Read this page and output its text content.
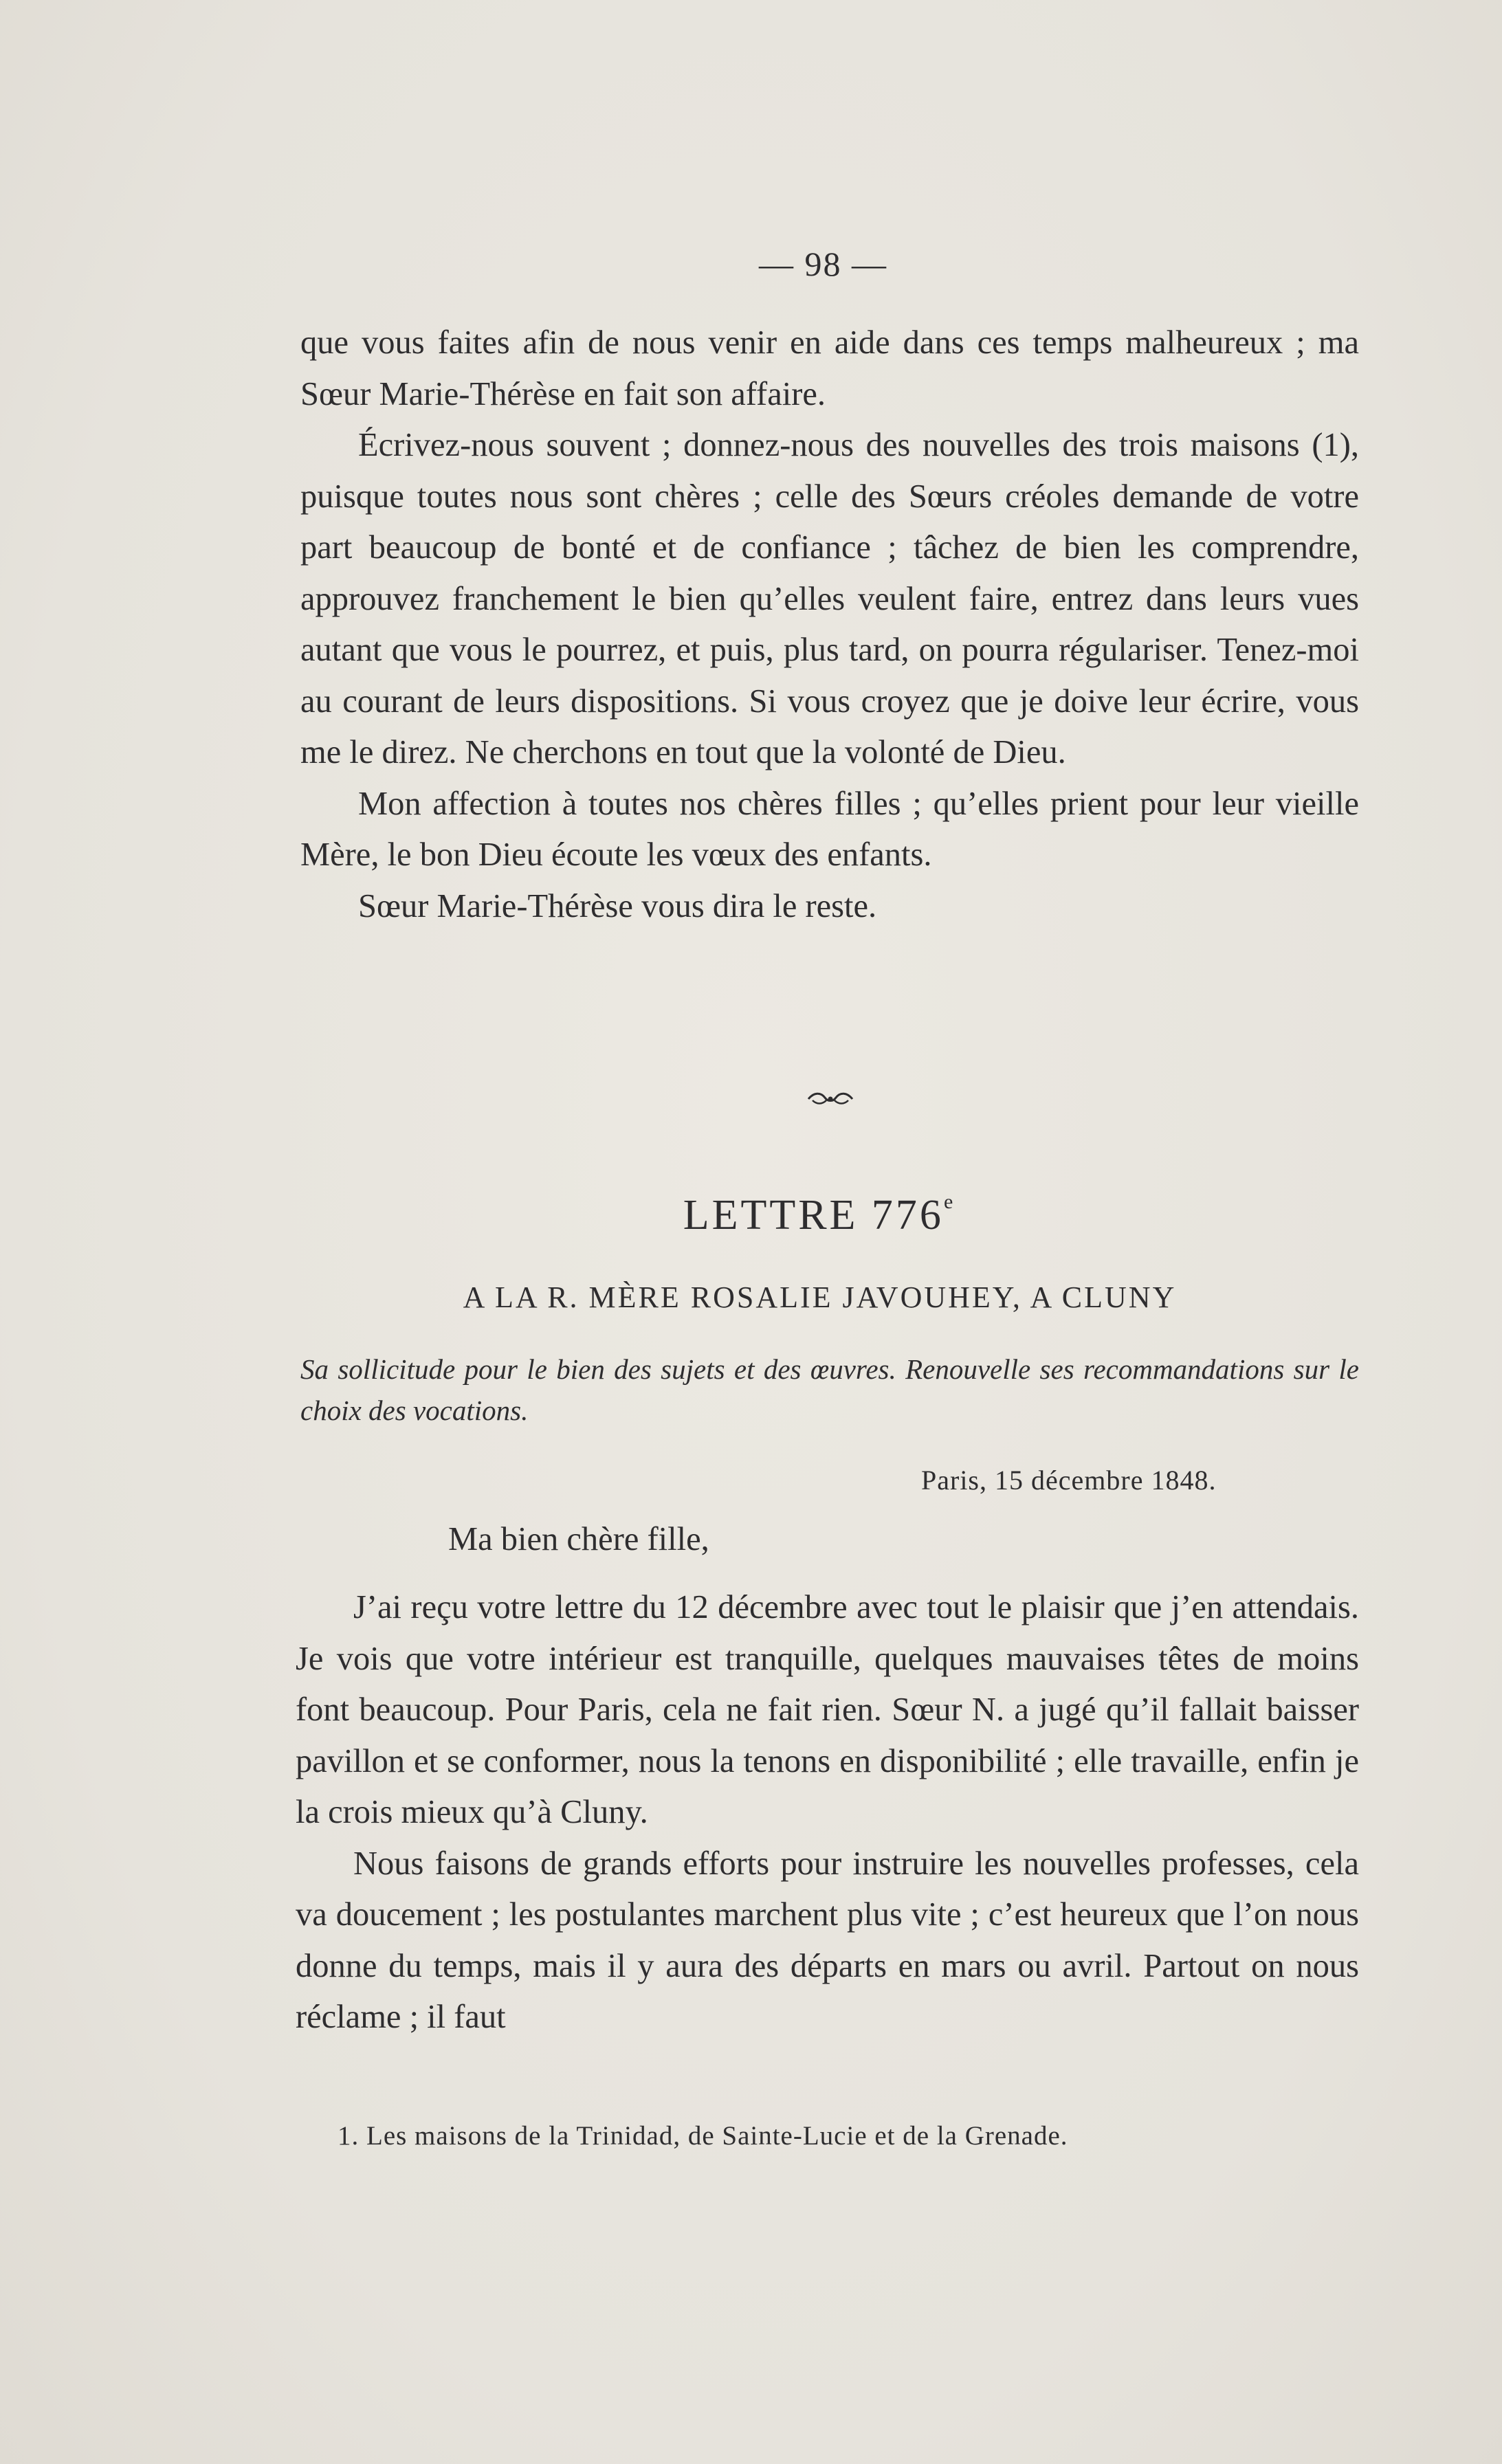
— 98 —

que vous faites afin de nous venir en aide dans ces temps malheureux ; ma Sœur Marie-Thérèse en fait son affaire.

Écrivez-nous souvent ; donnez-nous des nouvelles des trois maisons (1), puisque toutes nous sont chères ; celle des Sœurs créoles demande de votre part beaucoup de bonté et de confiance ; tâchez de bien les comprendre, approuvez franchement le bien qu’elles veulent faire, entrez dans leurs vues autant que vous le pourrez, et puis, plus tard, on pourra régulariser. Tenez-moi au courant de leurs dispositions. Si vous croyez que je doive leur écrire, vous me le direz. Ne cherchons en tout que la volonté de Dieu.

Mon affection à toutes nos chères filles ; qu’elles prient pour leur vieille Mère, le bon Dieu écoute les vœux des enfants.

Sœur Marie-Thérèse vous dira le reste.

LETTRE 776e
A LA R. MÈRE ROSALIE JAVOUHEY, A CLUNY

Sa sollicitude pour le bien des sujets et des œuvres. Renouvelle ses recommandations sur le choix des vocations.

Paris, 15 décembre 1848.
Ma bien chère fille,

J’ai reçu votre lettre du 12 décembre avec tout le plaisir que j’en attendais. Je vois que votre intérieur est tranquille, quelques mauvaises têtes de moins font beaucoup. Pour Paris, cela ne fait rien. Sœur N. a jugé qu’il fallait baisser pavillon et se conformer, nous la tenons en disponibilité ; elle travaille, enfin je la crois mieux qu’à Cluny.

Nous faisons de grands efforts pour instruire les nouvelles professes, cela va doucement ; les postulantes marchent plus vite ; c’est heureux que l’on nous donne du temps, mais il y aura des départs en mars ou avril. Partout on nous réclame ; il faut

1. Les maisons de la Trinidad, de Sainte-Lucie et de la Grenade.
